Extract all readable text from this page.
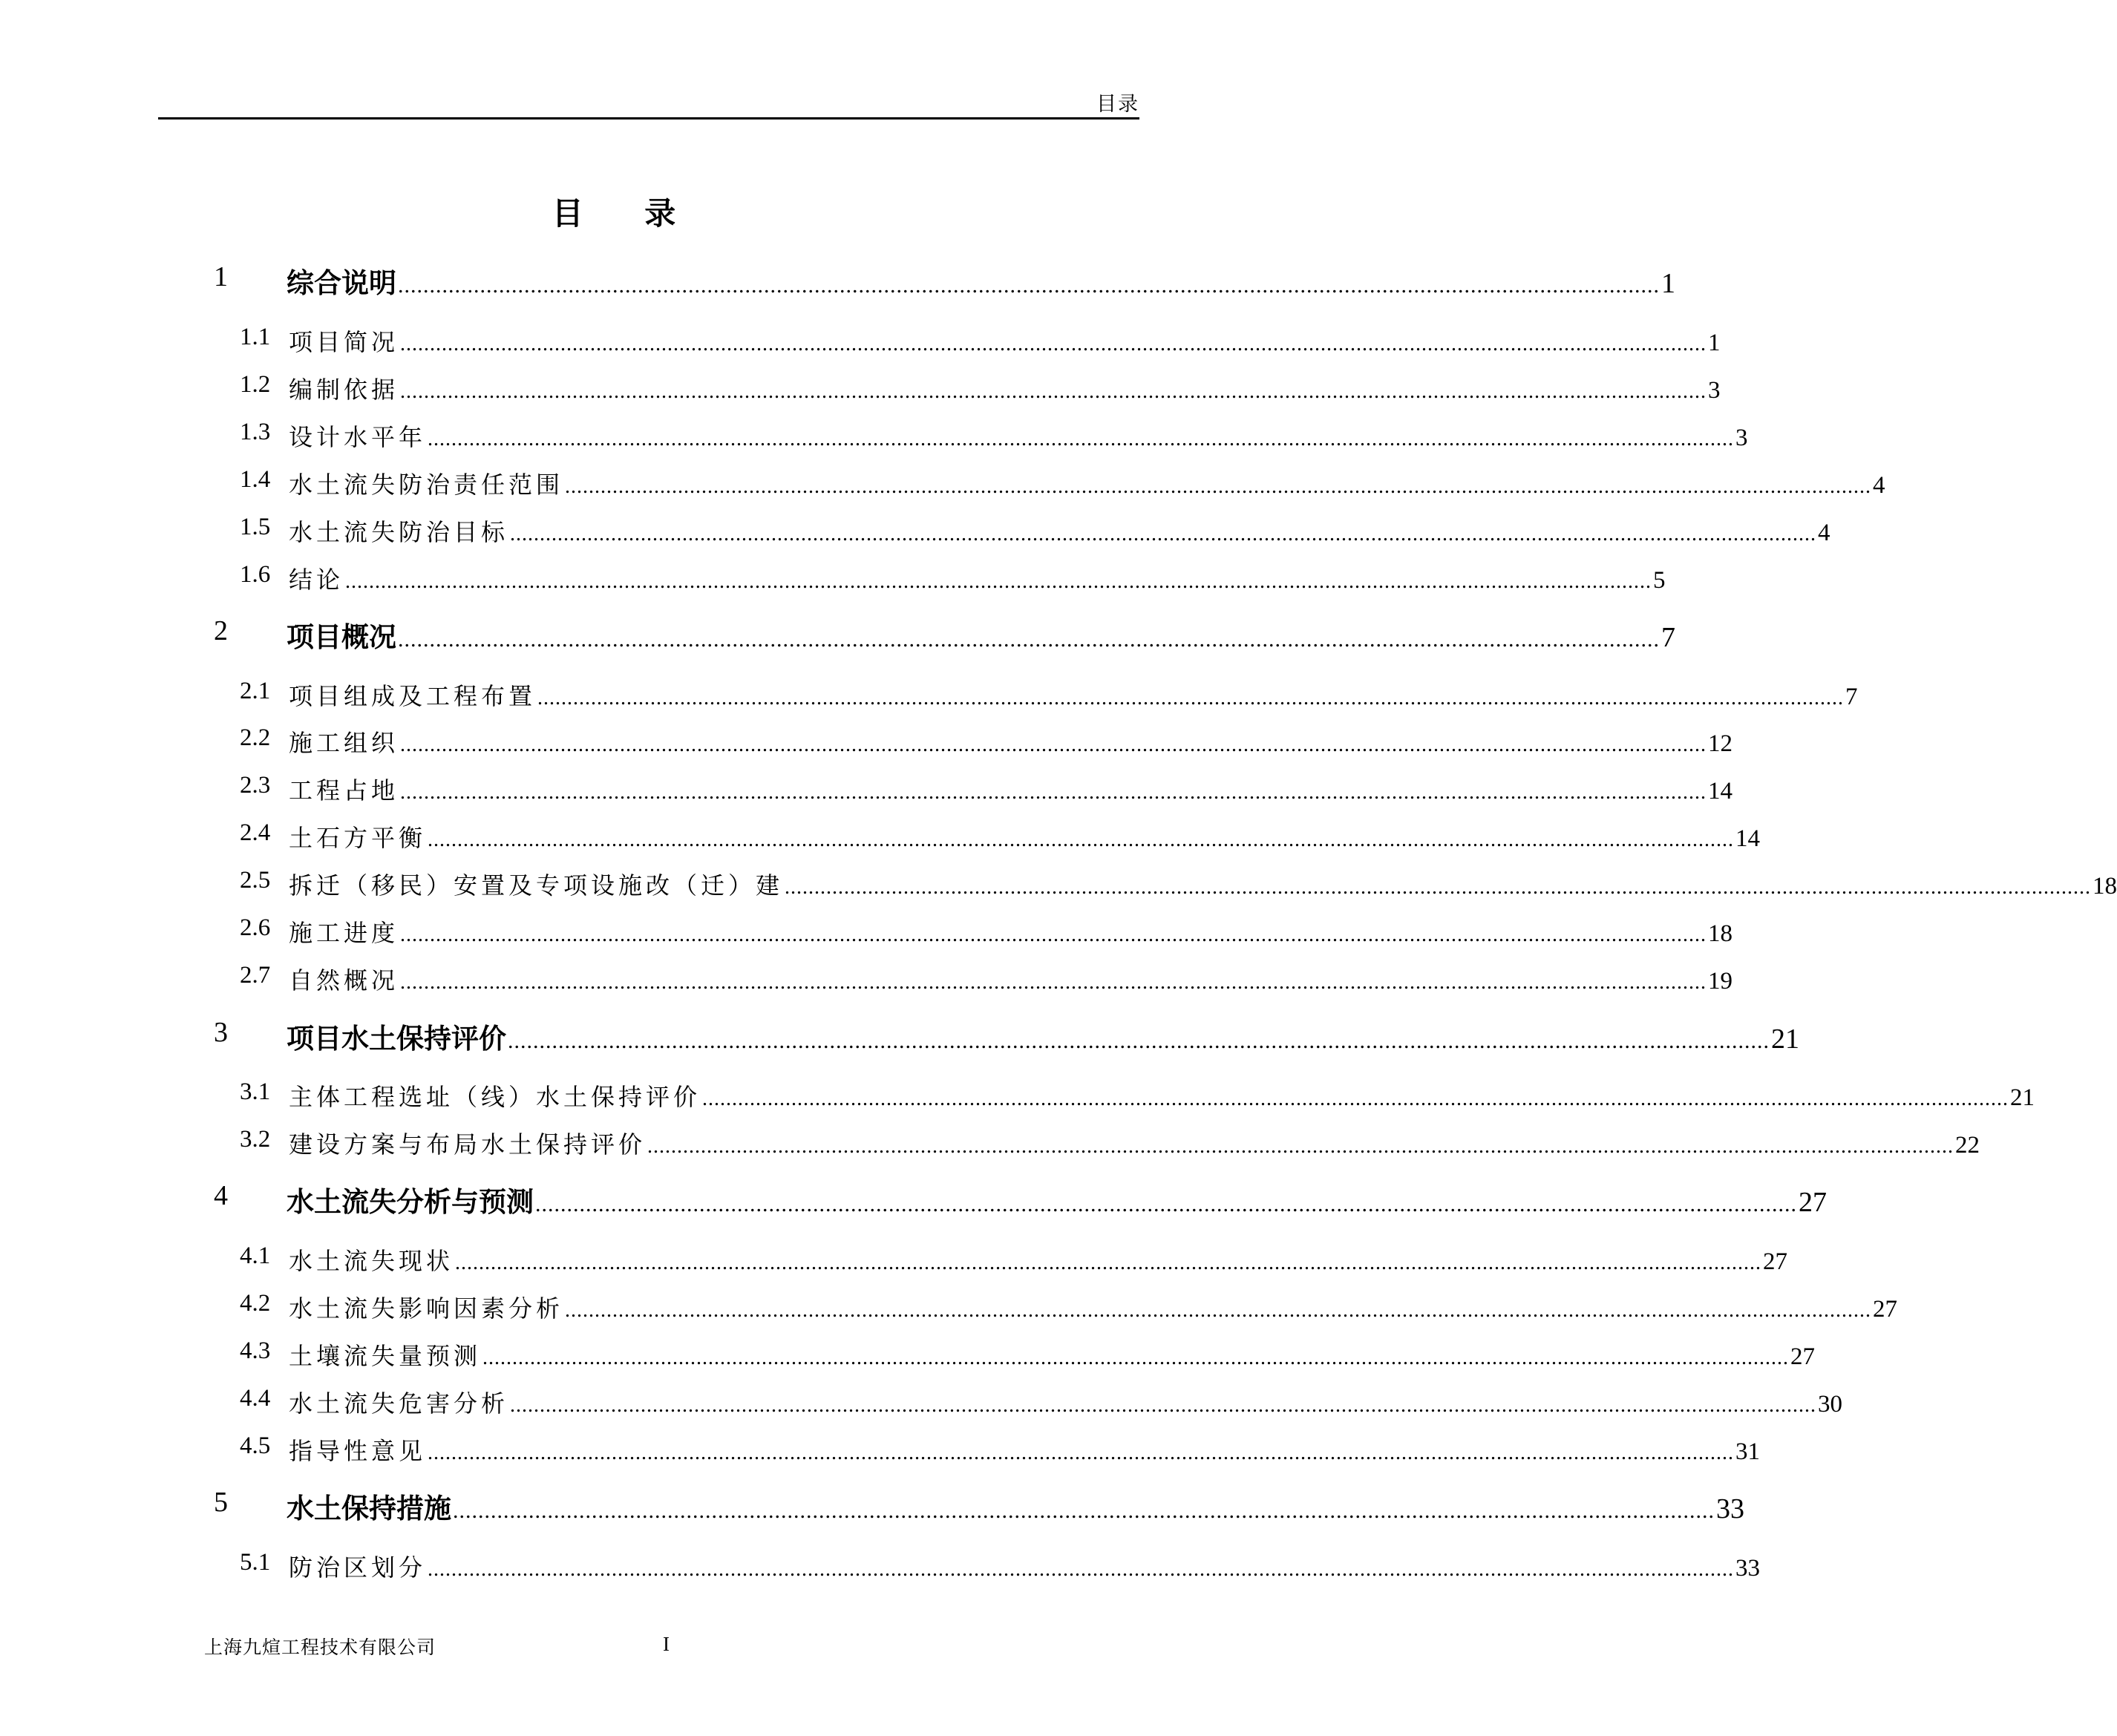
目录
目 录
1 综合说明 ........................................................................................................................................................................................................ 1
1.1 项目简况 ............................................................................................................................................................................................................................ 1
1.2 编制依据 ............................................................................................................................................................................................................................ 3
1.3 设计水平年 ............................................................................................................................................................................................................................ 3
1.4 水土流失防治责任范围 ............................................................................................................................................................................................................................ 4
1.5 水土流失防治目标 ............................................................................................................................................................................................................................ 4
1.6 结论 ............................................................................................................................................................................................................................ 5
2 项目概况 ........................................................................................................................................................................................................ 7
2.1 项目组成及工程布置 ............................................................................................................................................................................................................................ 7
2.2 施工组织 ............................................................................................................................................................................................................................ 12
2.3 工程占地 ............................................................................................................................................................................................................................ 14
2.4 土石方平衡 ............................................................................................................................................................................................................................ 14
2.5 拆迁（移民）安置及专项设施改（迁）建 ............................................................................................................................................................................................................................ 18
2.6 施工进度 ............................................................................................................................................................................................................................ 18
2.7 自然概况 ............................................................................................................................................................................................................................ 19
3 项目水土保持评价 ........................................................................................................................................................................................................ 21
3.1 主体工程选址（线）水土保持评价 ............................................................................................................................................................................................................................ 21
3.2 建设方案与布局水土保持评价 ............................................................................................................................................................................................................................ 22
4 水土流失分析与预测 ........................................................................................................................................................................................................ 27
4.1 水土流失现状 ............................................................................................................................................................................................................................ 27
4.2 水土流失影响因素分析 ............................................................................................................................................................................................................................ 27
4.3 土壤流失量预测 ............................................................................................................................................................................................................................ 27
4.4 水土流失危害分析 ............................................................................................................................................................................................................................ 30
4.5 指导性意见 ............................................................................................................................................................................................................................ 31
5 水土保持措施 ........................................................................................................................................................................................................ 33
5.1 防治区划分 ............................................................................................................................................................................................................................ 33
上海九煊工程技术有限公司	I
